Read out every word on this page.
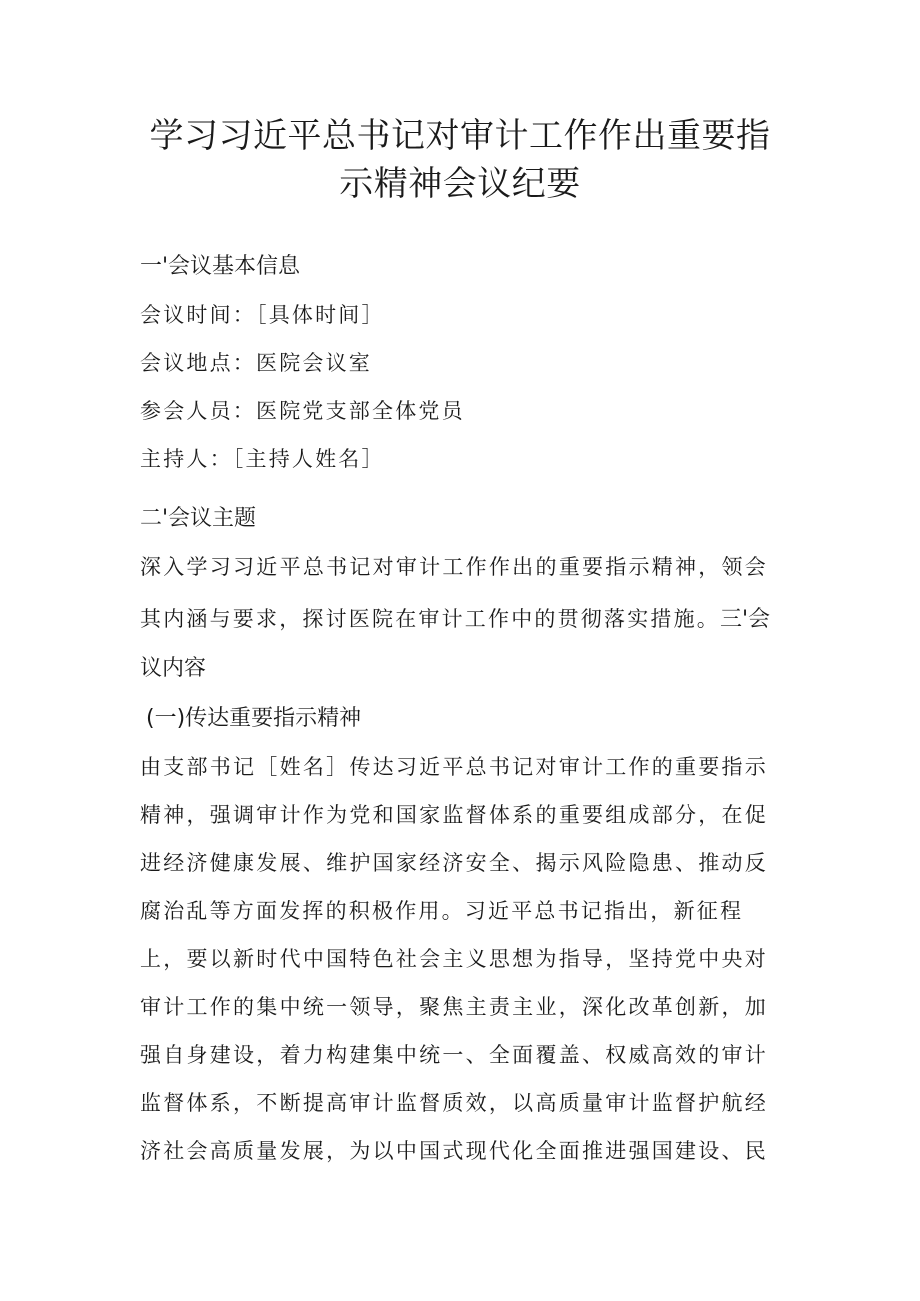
学习习近平总书记对审计工作作出重要指
示精神会议纪要
一'会议基本信息

会议时间：［具体时间］

会议地点：医院会议室

参会人员：医院党支部全体党员

主持人：［主持人姓名］

二'会议主题

深入学习习近平总书记对审计工作作出的重要指示精神，领会

其内涵与要求，探讨医院在审计工作中的贯彻落实措施。三'会

议内容
(一)传达重要指示精神

由支部书记［姓名］传达习近平总书记对审计工作的重要指示

精神，强调审计作为党和国家监督体系的重要组成部分，在促

进经济健康发展、维护国家经济安全、揭示风险隐患、推动反

腐治乱等方面发挥的积极作用。习近平总书记指出，新征程

上，要以新时代中国特色社会主义思想为指导，坚持党中央对

审计工作的集中统一领导，聚焦主责主业，深化改革创新，加

强自身建设，着力构建集中统一、全面覆盖、权威高效的审计

监督体系，不断提高审计监督质效，以高质量审计监督护航经

济社会高质量发展，为以中国式现代化全面推进强国建设、民
